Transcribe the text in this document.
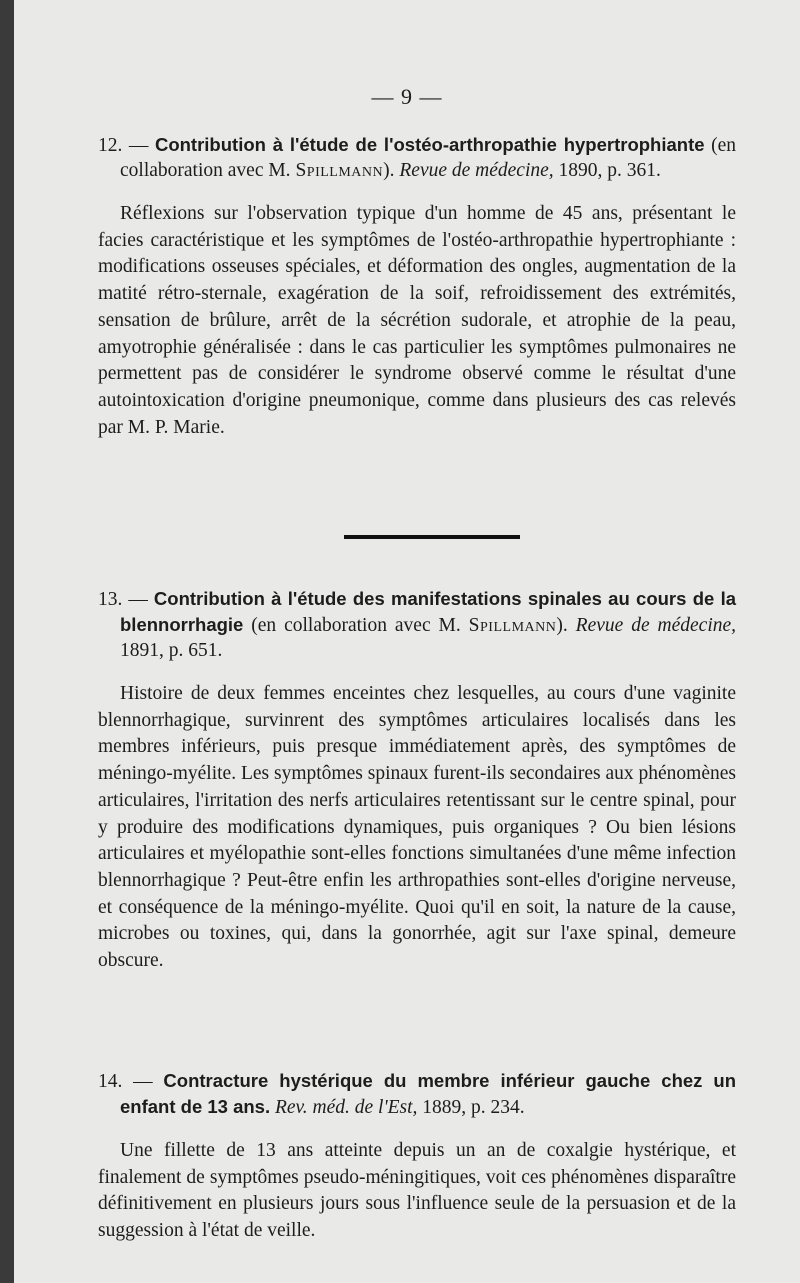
— 9 —
12. — Contribution à l'étude de l'ostéo-arthropathie hypertrophiante (en collaboration avec M. Spillmann). Revue de médecine, 1890, p. 361.
Réflexions sur l'observation typique d'un homme de 45 ans, présentant le facies caractéristique et les symptômes de l'ostéo-arthropathie hypertrophiante : modifications osseuses spéciales, et déformation des ongles, augmentation de la matité rétro-sternale, exagération de la soif, refroidissement des extrémités, sensation de brûlure, arrêt de la sécrétion sudorale, et atrophie de la peau, amyotrophie généralisée : dans le cas particulier les symptômes pulmonaires ne permettent pas de considérer le syndrome observé comme le résultat d'une autointoxication d'origine pneumonique, comme dans plusieurs des cas relevés par M. P. Marie.
13. — Contribution à l'étude des manifestations spinales au cours de la blennorrhagie (en collaboration avec M. Spillmann). Revue de médecine, 1891, p. 651.
Histoire de deux femmes enceintes chez lesquelles, au cours d'une vaginite blennorrhagique, survinrent des symptômes articulaires localisés dans les membres inférieurs, puis presque immédiatement après, des symptômes de méningo-myélite. Les symptômes spinaux furent-ils secondaires aux phénomènes articulaires, l'irritation des nerfs articulaires retentissant sur le centre spinal, pour y produire des modifications dynamiques, puis organiques ? Ou bien lésions articulaires et myélopathie sont-elles fonctions simultanées d'une même infection blennorrhagique ? Peut-être enfin les arthropathies sont-elles d'origine nerveuse, et conséquence de la méningo-myélite. Quoi qu'il en soit, la nature de la cause, microbes ou toxines, qui, dans la gonorrhée, agit sur l'axe spinal, demeure obscure.
14. — Contracture hystérique du membre inférieur gauche chez un enfant de 13 ans. Rev. méd. de l'Est, 1889, p. 234.
Une fillette de 13 ans atteinte depuis un an de coxalgie hystérique, et finalement de symptômes pseudo-méningitiques, voit ces phénomènes disparaître définitivement en plusieurs jours sous l'influence seule de la persuasion et de la suggession à l'état de veille.
